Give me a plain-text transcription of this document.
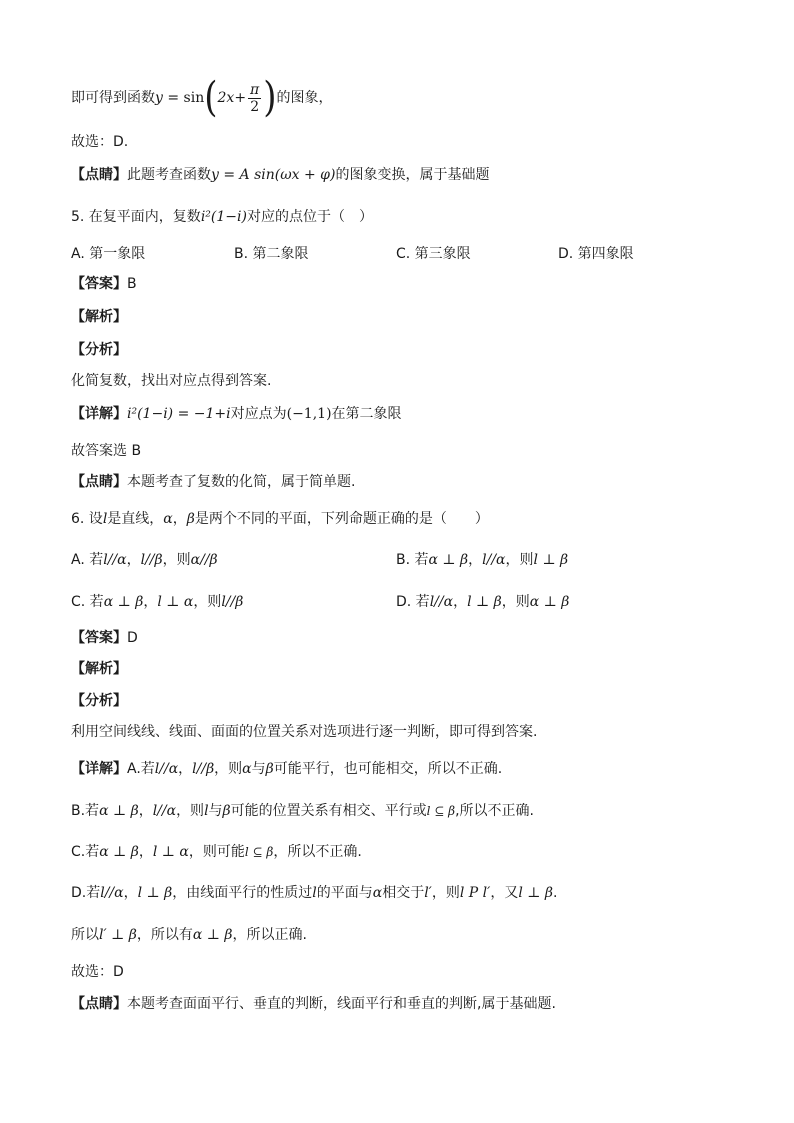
即可得到函数$y = \sin(2x+ \frac{\pi}{2}$ )的图象，
故选：D.
【点睛】此题考查函数y = A sin(ωx + φ)的图象变换，属于基础题
5. 在复平面内，复数i²(1−i)对应的点位于（　）
A. 第一象限	B. 第二象限	C. 第三象限	D. 第四象限
【答案】B
【解析】
【分析】
化简复数，找出对应点得到答案.
【详解】i²(1−i) = −1+i对应点为(−1,1)在第二象限
故答案选 B
【点睛】本题考查了复数的化简，属于简单题.
6. 设l是直线，α，β是两个不同的平面，下列命题正确的是（　　）
A. 若l//α，l//β，则α//β	B. 若α ⊥ β，l//α，则l ⊥ β
C. 若α ⊥ β，l ⊥ α，则l//β	D. 若l//α，l ⊥ β，则α ⊥ β
【答案】D
【解析】
【分析】
利用空间线线、线面、面面的位置关系对选项进行逐一判断，即可得到答案.
【详解】A.若l//α，l//β，则α与β可能平行，也可能相交，所以不正确.
B.若α ⊥ β，l//α，则l与β可能的位置关系有相交、平行或l ⊆ β,所以不正确.
C.若α ⊥ β，l ⊥ α，则可能l ⊆ β，所以不正确.
D.若l//α，l ⊥ β，由线面平行的性质过l的平面与α相交于l′，则l P l′，又l ⊥ β.
所以l′ ⊥ β，所以有α ⊥ β，所以正确.
故选：D
【点睛】本题考查面面平行、垂直的判断，线面平行和垂直的判断,属于基础题.
